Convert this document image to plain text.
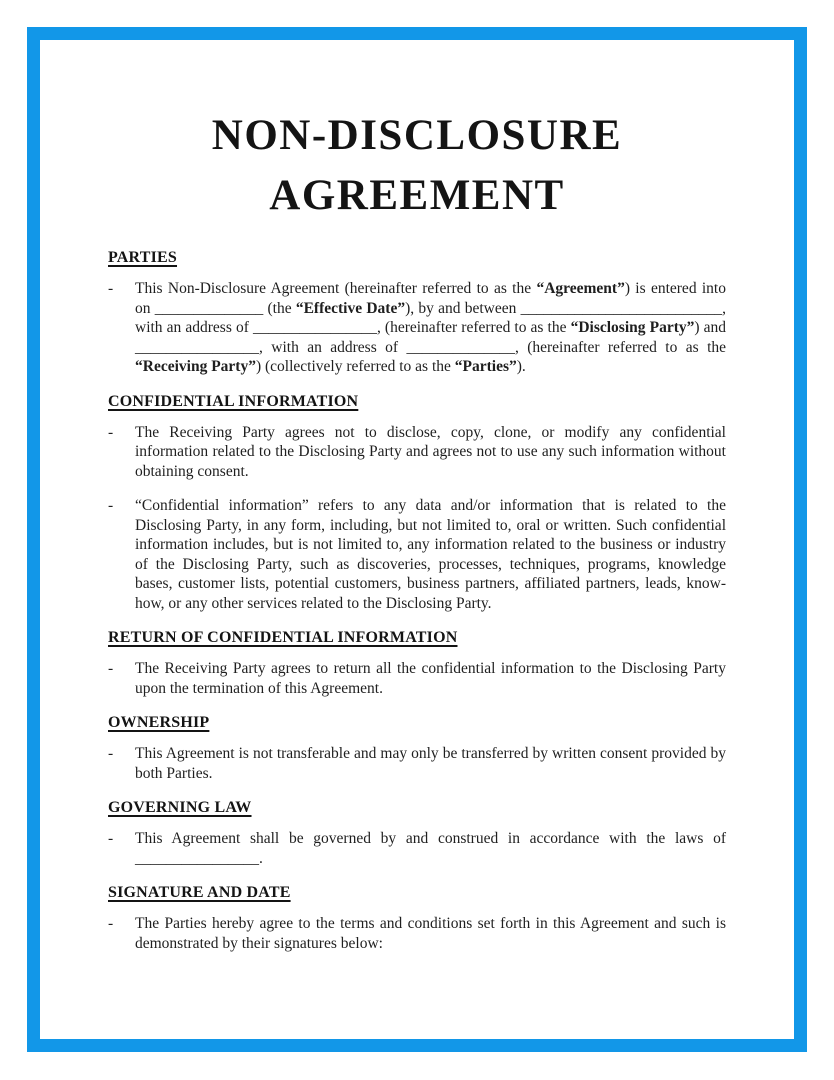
NON-DISCLOSURE
AGREEMENT
PARTIES
-	This Non-Disclosure Agreement (hereinafter referred to as the “Agreement”) is entered into on ______________ (the “Effective Date”), by and between __________________________, with an address of ________________, (hereinafter referred to as the “Disclosing Party”) and ________________, with an address of ______________, (hereinafter referred to as the “Receiving Party”) (collectively referred to as the “Parties”).
CONFIDENTIAL INFORMATION
-	The Receiving Party agrees not to disclose, copy, clone, or modify any confidential information related to the Disclosing Party and agrees not to use any such information without obtaining consent.
-	“Confidential information” refers to any data and/or information that is related to the Disclosing Party, in any form, including, but not limited to, oral or written. Such confidential information includes, but is not limited to, any information related to the business or industry of the Disclosing Party, such as discoveries, processes, techniques, programs, knowledge bases, customer lists, potential customers, business partners, affiliated partners, leads, know-how, or any other services related to the Disclosing Party.
RETURN OF CONFIDENTIAL INFORMATION
-	The Receiving Party agrees to return all the confidential information to the Disclosing Party upon the termination of this Agreement.
OWNERSHIP
-	This Agreement is not transferable and may only be transferred by written consent provided by both Parties.
GOVERNING LAW
-	This Agreement shall be governed by and construed in accordance with the laws of ________________.
SIGNATURE AND DATE
-	The Parties hereby agree to the terms and conditions set forth in this Agreement and such is demonstrated by their signatures below:
